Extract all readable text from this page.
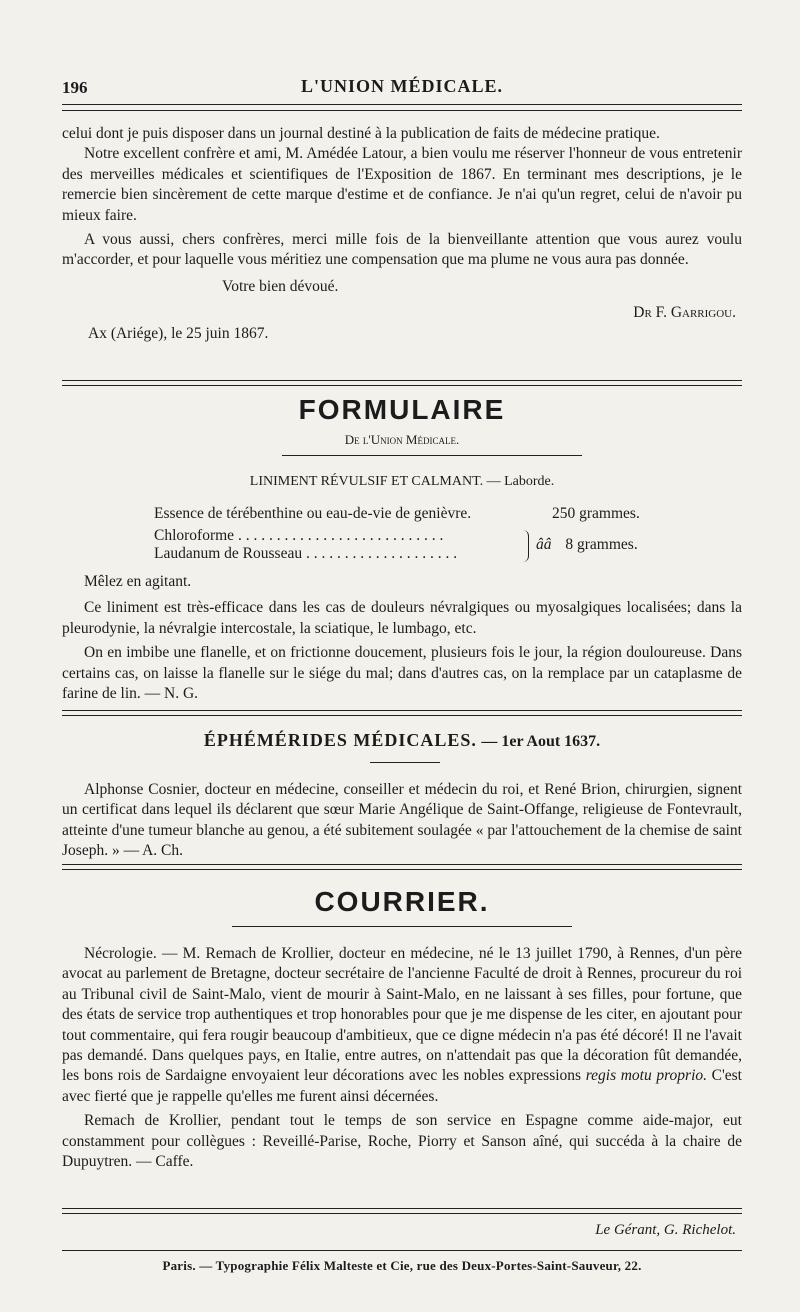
196	L'UNION MÉDICALE.

celui dont je puis disposer dans un journal destiné à la publication de faits de médecine pratique.

Notre excellent confrère et ami, M. Amédée Latour, a bien voulu me réserver l'honneur de vous entretenir des merveilles médicales et scientifiques de l'Exposition de 1867. En terminant mes descriptions, je le remercie bien sincèrement de cette marque d'estime et de confiance. Je n'ai qu'un regret, celui de n'avoir pu mieux faire.

A vous aussi, chers confrères, merci mille fois de la bienveillante attention que vous aurez voulu m'accorder, et pour laquelle vous méritiez une compensation que ma plume ne vous aura pas donnée.

Votre bien dévoué.

Dr F. Garrigou.

Ax (Ariége), le 25 juin 1867.

FORMULAIRE
De l'Union Médicale.
LINIMENT RÉVULSIF ET CALMANT. — Laborde.
Essence de térébenthine ou eau-de-vie de genièvre.	250 grammes.
Chloroforme . . . . . . . . . . . . . . . . . . . . . . . . . . .
Laudanum de Rousseau . . . . . . . . . . . . . . . . . . . .
ââ 8 grammes.

Mêlez en agitant.

Ce liniment est très-efficace dans les cas de douleurs névralgiques ou myosalgiques localisées; dans la pleurodynie, la névralgie intercostale, la sciatique, le lumbago, etc.

On en imbibe une flanelle, et on frictionne doucement, plusieurs fois le jour, la région douloureuse. Dans certains cas, on laisse la flanelle sur le siége du mal; dans d'autres cas, on la remplace par un cataplasme de farine de lin. — N. G.

ÉPHÉMÉRIDES MÉDICALES. — 1er Aout 1637.

Alphonse Cosnier, docteur en médecine, conseiller et médecin du roi, et René Brion, chirurgien, signent un certificat dans lequel ils déclarent que sœur Marie Angélique de Saint-Offange, religieuse de Fontevrault, atteinte d'une tumeur blanche au genou, a été subitement soulagée « par l'attouchement de la chemise de saint Joseph. » — A. Ch.

COURRIER.

Nécrologie. — M. Remach de Krollier, docteur en médecine, né le 13 juillet 1790, à Rennes, d'un père avocat au parlement de Bretagne, docteur secrétaire de l'ancienne Faculté de droit à Rennes, procureur du roi au Tribunal civil de Saint-Malo, vient de mourir à Saint-Malo, en ne laissant à ses filles, pour fortune, que des états de service trop authentiques et trop honorables pour que je me dispense de les citer, en ajoutant pour tout commentaire, qui fera rougir beaucoup d'ambitieux, que ce digne médecin n'a pas été décoré! Il ne l'avait pas demandé. Dans quelques pays, en Italie, entre autres, on n'attendait pas que la décoration fût demandée, les bons rois de Sardaigne envoyaient leur décorations avec les nobles expressions regis motu proprio. C'est avec fierté que je rappelle qu'elles me furent ainsi décernées.

Remach de Krollier, pendant tout le temps de son service en Espagne comme aide-major, eut constamment pour collègues : Reveillé-Parise, Roche, Piorry et Sanson aîné, qui succéda à la chaire de Dupuytren. — Caffe.

Le Gérant, G. Richelot.
Paris. — Typographie Félix Malteste et Cie, rue des Deux-Portes-Saint-Sauveur, 22.
